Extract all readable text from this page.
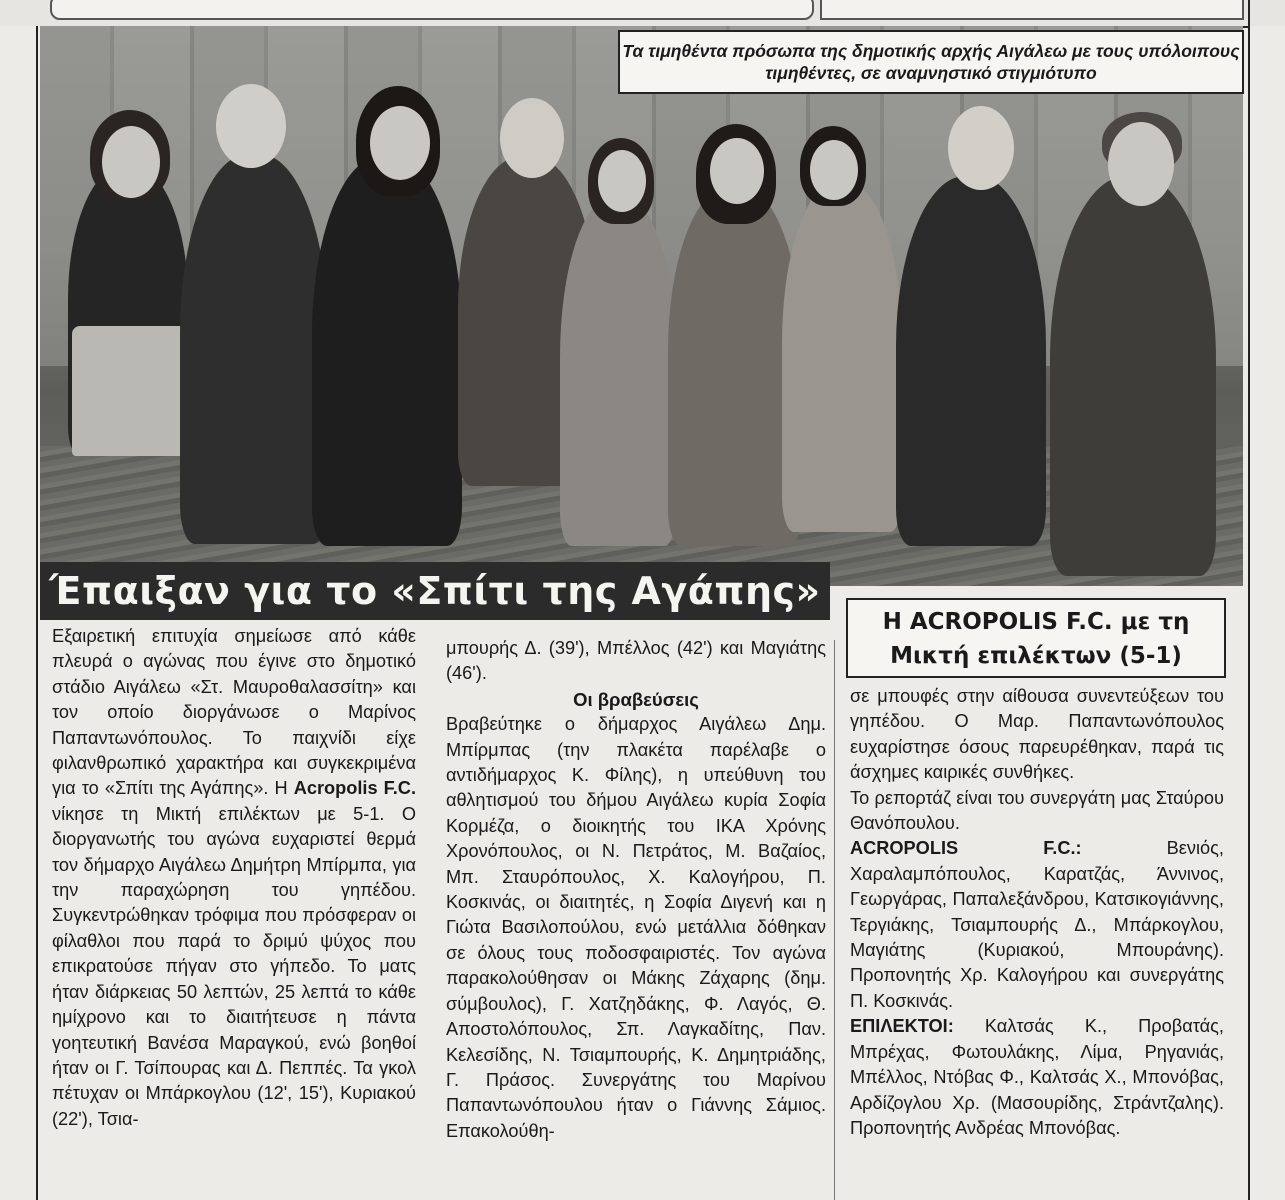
Τα τιμηθέντα πρόσωπα της δημοτικής αρχής Αιγάλεω με τους υπόλοιπους τιμηθέντες, σε αναμνηστικό στιγμιότυπο
Έπαιξαν για το «Σπίτι της Αγάπης»
Η ACROPOLIS F.C. με τη Μικτή επιλέκτων (5-1)

Εξαιρετική επιτυχία σημείωσε από κάθε πλευρά ο αγώνας που έγινε στο δημοτικό στάδιο Αιγάλεω «Στ. Μαυροθαλασσίτη» και τον οποίο διοργάνωσε ο Μαρίνος Παπαντωνόπουλος. Το παιχνίδι είχε φιλανθρωπικό χαρακτήρα και συγκεκριμένα για το «Σπίτι της Αγάπης». Η Acropolis F.C. νίκησε τη Μικτή επιλέκτων με 5-1. Ο διοργανωτής του αγώνα ευχαριστεί θερμά τον δήμαρχο Αιγάλεω Δημήτρη Μπίρμπα, για την παραχώρηση του γηπέδου. Συγκεντρώθηκαν τρόφιμα που πρόσφεραν οι φίλαθλοι που παρά το δριμύ ψύχος που επικρατούσε πήγαν στο γήπεδο. Το ματς ήταν διάρκειας 50 λεπτών, 25 λεπτά το κάθε ημίχρονο και το διαιτήτευσε η πάντα γοητευτική Βανέσα Μαραγκού, ενώ βοηθοί ήταν οι Γ. Τσίπουρας και Δ. Πεππές. Τα γκολ πέτυχαν οι Μπάρκογλου (12', 15'), Κυριακού (22'), Τσια-

μπουρής Δ. (39'), Μπέλλος (42') και Μαγιάτης (46').

Οι βραβεύσεις

Βραβεύτηκε ο δήμαρχος Αιγάλεω Δημ. Μπίρμπας (την πλακέτα παρέλαβε ο αντιδήμαρχος Κ. Φίλης), η υπεύθυνη του αθλητισμού του δήμου Αιγάλεω κυρία Σοφία Κορμέζα, ο διοικητής του ΙΚΑ Χρόνης Χρονόπουλος, οι Ν. Πετράτος, Μ. Βαζαίος, Μπ. Σταυρόπουλος, Χ. Καλογήρου, Π. Κοσκινάς, οι διαιτητές, η Σοφία Διγενή και η Γιώτα Βασιλοπούλου, ενώ μετάλλια δόθηκαν σε όλους τους ποδοσφαιριστές. Τον αγώνα παρακολούθησαν οι Μάκης Ζάχαρης (δημ. σύμβουλος), Γ. Χατζηδάκης, Φ. Λαγός, Θ. Αποστολόπουλος, Σπ. Λαγκαδίτης, Παν. Κελεσίδης, Ν. Τσιαμπουρής, Κ. Δημητριάδης, Γ. Πράσος. Συνεργάτης του Μαρίνου Παπαντωνόπουλου ήταν ο Γιάννης Σάμιος. Επακολούθη-

σε μπουφές στην αίθουσα συνεντεύξεων του γηπέδου. Ο Μαρ. Παπαντωνόπουλος ευχαρίστησε όσους παρευρέθηκαν, παρά τις άσχημες καιρικές συνθήκες.

Το ρεπορτάζ είναι του συνεργάτη μας Σταύρου Θανόπουλου.

ACROPOLIS F.C.: Βενιός, Χαραλαμπόπουλος, Καρατζάς, Άννινος, Γεωργάρας, Παπαλεξάνδρου, Κατσικογιάννης, Τεργιάκης, Τσιαμπουρής Δ., Μπάρκογλου, Μαγιάτης (Κυριακού, Μπουράνης). Προπονητής Χρ. Καλογήρου και συνεργάτης Π. Κοσκινάς.

ΕΠΙΛΕΚΤΟΙ: Καλτσάς Κ., Προβατάς, Μπρέχας, Φωτουλάκης, Λίμα, Ρηγανιάς, Μπέλλος, Ντόβας Φ., Καλτσάς Χ., Μπονόβας, Αρδίζογλου Χρ. (Μασουρίδης, Στράντζαλης). Προπονητής Ανδρέας Μπονόβας.
